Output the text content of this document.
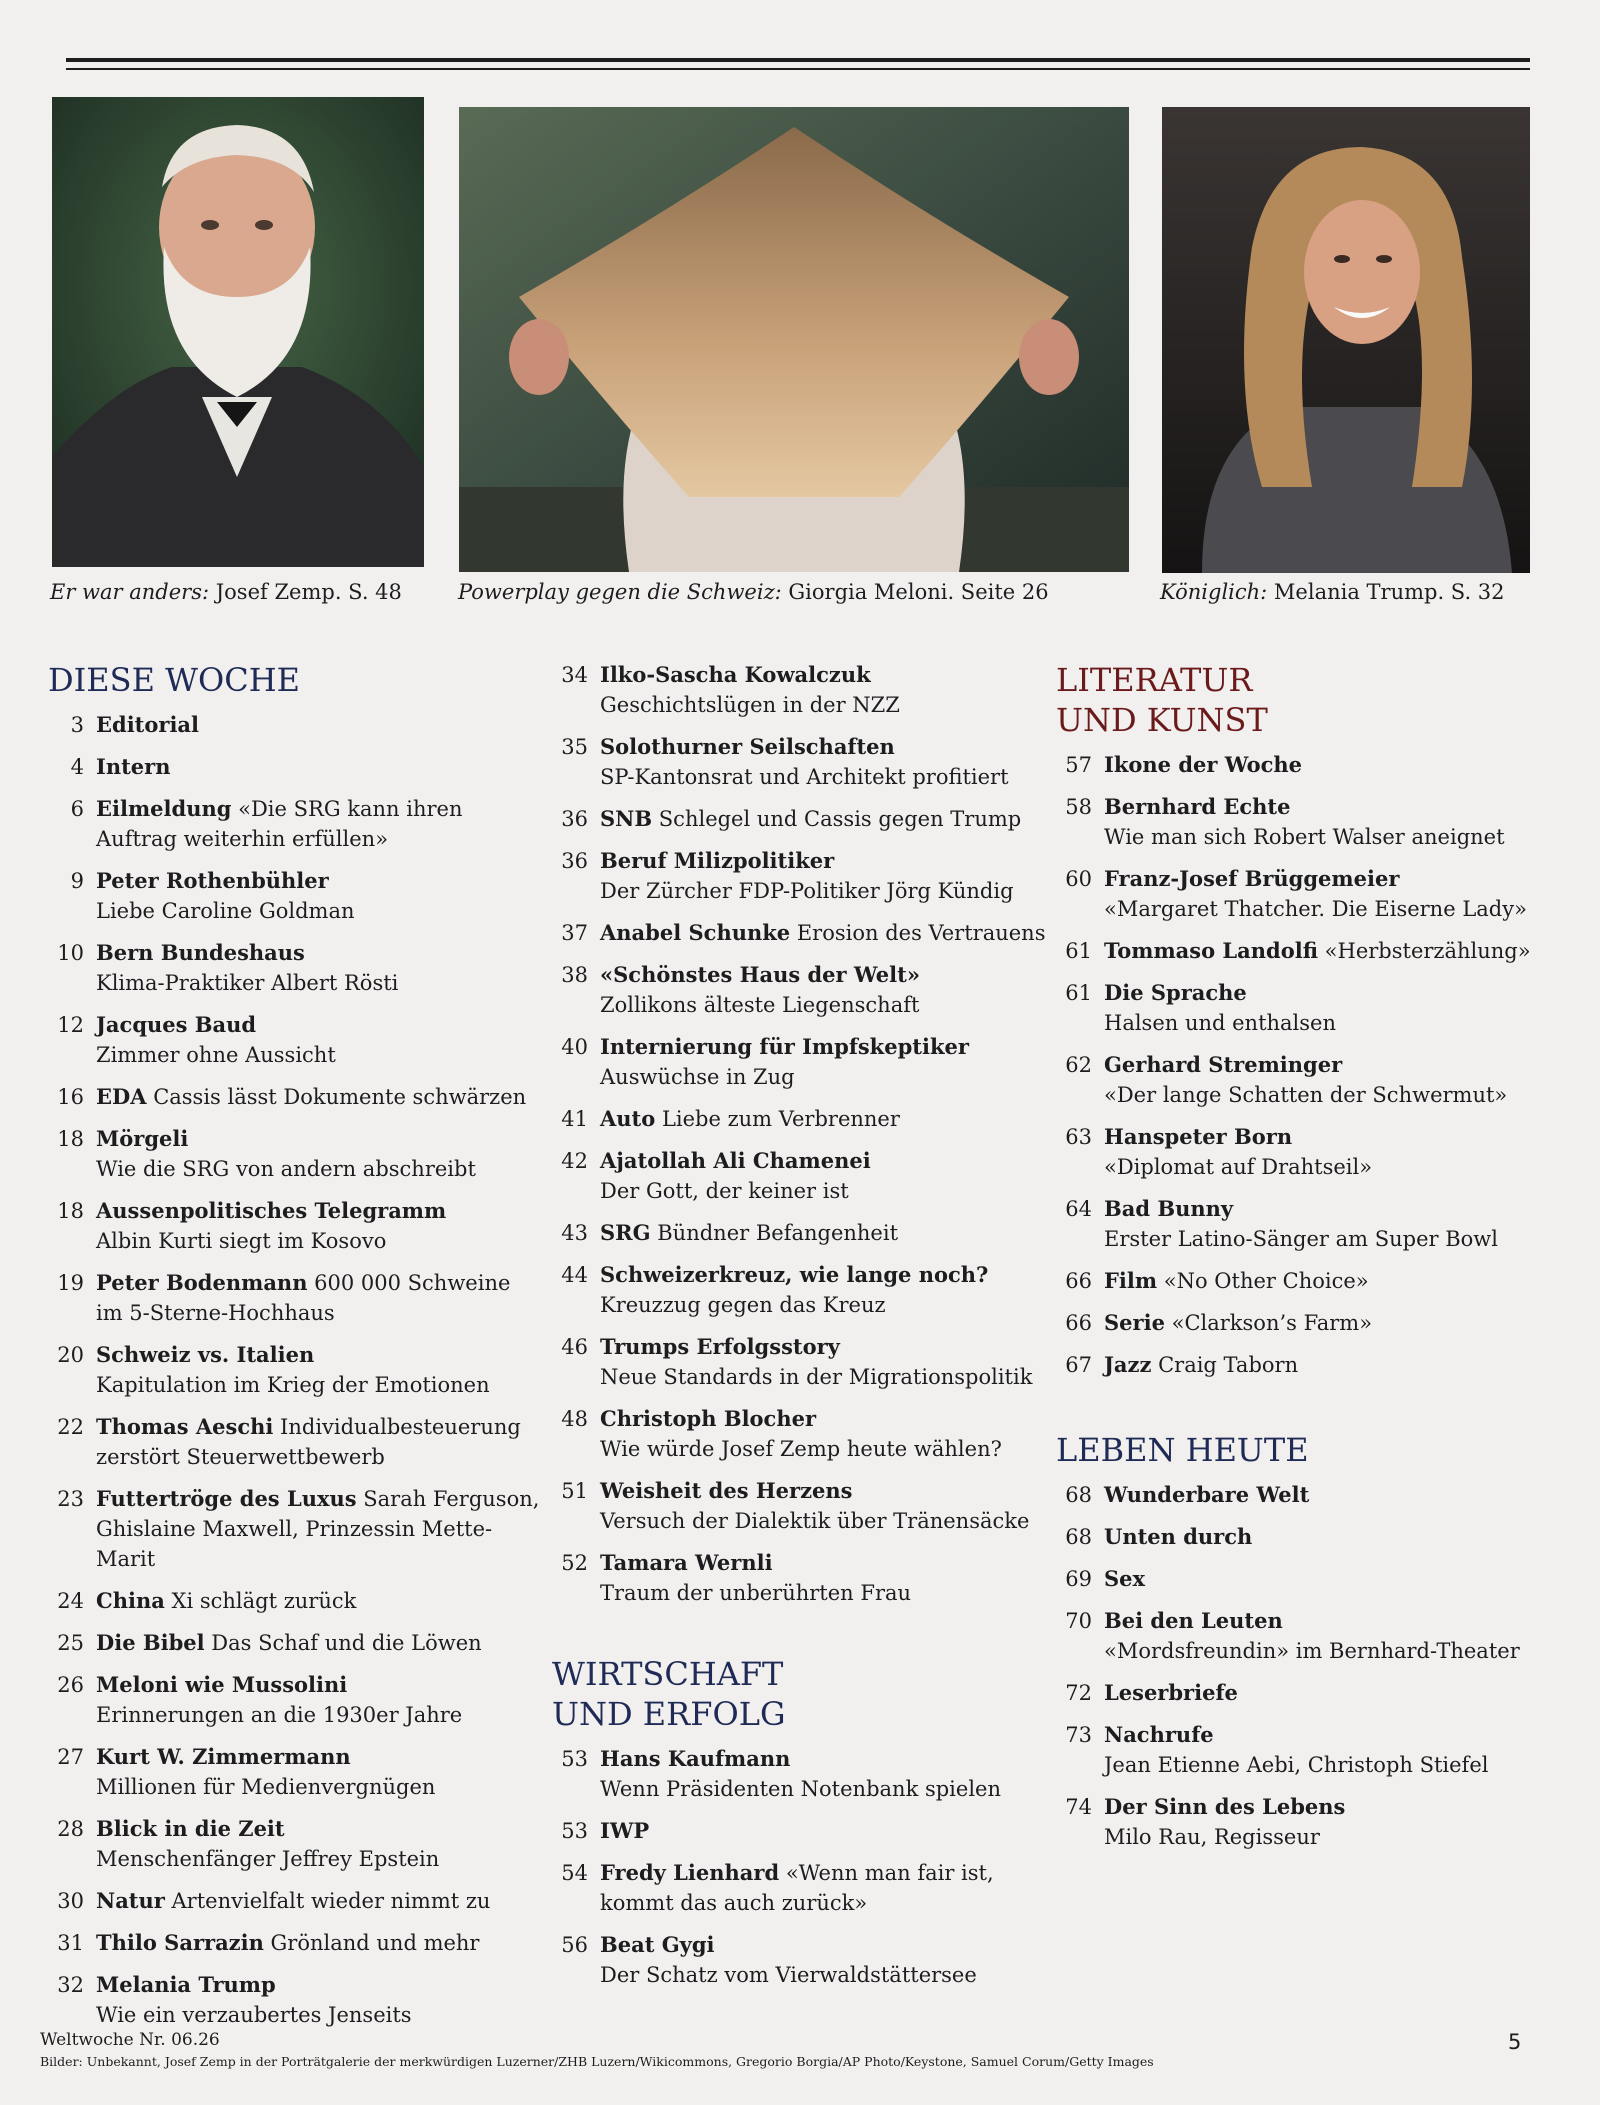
Er war anders: Josef Zemp. S. 48	Powerplay gegen die Schweiz: Giorgia Meloni. Seite 26	Königlich: Melania Trump. S. 32
DIESE WOCHE
3 Editorial
4 Intern
6 Eilmeldung «Die SRG kann ihren
Auftrag weiterhin erfüllen»
9 Peter Rothenbühler
Liebe Caroline Goldman
10 Bern Bundeshaus
Klima-Praktiker Albert Rösti
12 Jacques Baud
Zimmer ohne Aussicht
16 EDA Cassis lässt Dokumente schwärzen
18 Mörgeli
Wie die SRG von andern abschreibt
18 Aussenpolitisches Telegramm
Albin Kurti siegt im Kosovo
19 Peter Bodenmann 600 000 Schweine
im 5-Sterne-Hochhaus
20 Schweiz vs. Italien
Kapitulation im Krieg der Emotionen
22 Thomas Aeschi Individualbesteuerung
zerstört Steuerwettbewerb
23 Futtertröge des Luxus Sarah Ferguson,
Ghislaine Maxwell, Prinzessin Mette-Marit
24 China Xi schlägt zurück
25 Die Bibel Das Schaf und die Löwen
26 Meloni wie Mussolini
Erinnerungen an die 1930er Jahre
27 Kurt W. Zimmermann
Millionen für Medienvergnügen
28 Blick in die Zeit
Menschenfänger Jeffrey Epstein
30 Natur Artenvielfalt wieder nimmt zu
31 Thilo Sarrazin Grönland und mehr
32 Melania Trump
Wie ein verzaubertes Jenseits
34 Ilko-Sascha Kowalczuk
Geschichtslügen in der NZZ
35 Solothurner Seilschaften
SP-Kantonsrat und Architekt profitiert
36 SNB Schlegel und Cassis gegen Trump
36 Beruf Milizpolitiker
Der Zürcher FDP-Politiker Jörg Kündig
37 Anabel Schunke Erosion des Vertrauens
38 «Schönstes Haus der Welt»
Zollikons älteste Liegenschaft
40 Internierung für Impfskeptiker
Auswüchse in Zug
41 Auto Liebe zum Verbrenner
42 Ajatollah Ali Chamenei
Der Gott, der keiner ist
43 SRG Bündner Befangenheit
44 Schweizerkreuz, wie lange noch?
Kreuzzug gegen das Kreuz
46 Trumps Erfolgsstory
Neue Standards in der Migrationspolitik
48 Christoph Blocher
Wie würde Josef Zemp heute wählen?
51 Weisheit des Herzens
Versuch der Dialektik über Tränensäcke
52 Tamara Wernli
Traum der unberührten Frau
WIRTSCHAFT
UND ERFOLG
53 Hans Kaufmann
Wenn Präsidenten Notenbank spielen
53 IWP
54 Fredy Lienhard «Wenn man fair ist,
kommt das auch zurück»
56 Beat Gygi
Der Schatz vom Vierwaldstättersee
LITERATUR
UND KUNST
57 Ikone der Woche
58 Bernhard Echte
Wie man sich Robert Walser aneignet
60 Franz-Josef Brüggemeier
«Margaret Thatcher. Die Eiserne Lady»
61 Tommaso Landolfi «Herbsterzählung»
61 Die Sprache
Halsen und enthalsen
62 Gerhard Streminger
«Der lange Schatten der Schwermut»
63 Hanspeter Born
«Diplomat auf Drahtseil»
64 Bad Bunny
Erster Latino-Sänger am Super Bowl
66 Film «No Other Choice»
66 Serie «Clarkson’s Farm»
67 Jazz Craig Taborn
LEBEN HEUTE
68 Wunderbare Welt
68 Unten durch
69 Sex
70 Bei den Leuten
«Mordsfreundin» im Bernhard-Theater
72 Leserbriefe
73 Nachrufe
Jean Etienne Aebi, Christoph Stiefel
74 Der Sinn des Lebens
Milo Rau, Regisseur
Weltwoche Nr. 06.26
Bilder: Unbekannt, Josef Zemp in der Porträtgalerie der merkwürdigen Luzerner/ZHB Luzern/Wikicommons, Gregorio Borgia/AP Photo/Keystone, Samuel Corum/Getty Images
5
